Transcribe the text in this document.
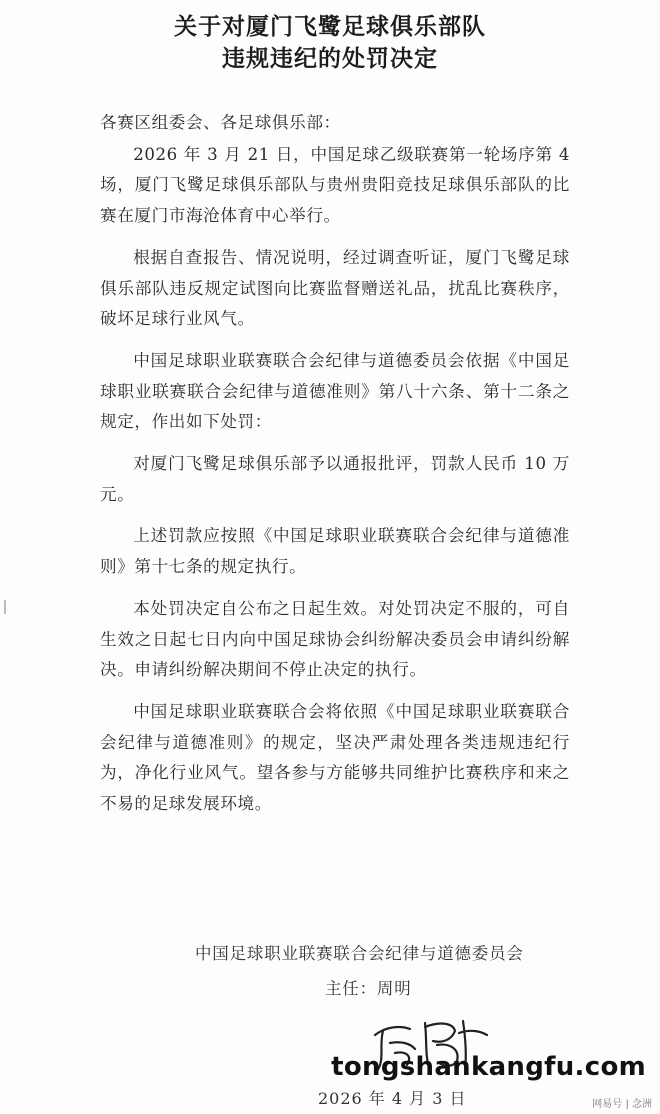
关于对厦门飞鹭足球俱乐部队
违规违纪的处罚决定

各赛区组委会、各足球俱乐部：

2026 年 3 月 21 日，中国足球乙级联赛第一轮场序第 4 场，厦门飞鹭足球俱乐部队与贵州贵阳竞技足球俱乐部队的比赛在厦门市海沧体育中心举行。

根据自查报告、情况说明，经过调查听证，厦门飞鹭足球俱乐部队违反规定试图向比赛监督赠送礼品，扰乱比赛秩序，破坏足球行业风气。

中国足球职业联赛联合会纪律与道德委员会依据《中国足球职业联赛联合会纪律与道德准则》第八十六条、第十二条之规定，作出如下处罚：

对厦门飞鹭足球俱乐部予以通报批评，罚款人民币 10 万元。

上述罚款应按照《中国足球职业联赛联合会纪律与道德准则》第十七条的规定执行。

本处罚决定自公布之日起生效。对处罚决定不服的，可自生效之日起七日内向中国足球协会纠纷解决委员会申请纠纷解决。申请纠纷解决期间不停止决定的执行。

中国足球职业联赛联合会将依照《中国足球职业联赛联合会纪律与道德准则》的规定，坚决严肃处理各类违规违纪行为，净化行业风气。望各参与方能够共同维护比赛秩序和来之不易的足球发展环境。

中国足球职业联赛联合会纪律与道德委员会
主任：周明
2026 年 4 月 3 日
tongshankangfu.com
网易号 | 念洲
